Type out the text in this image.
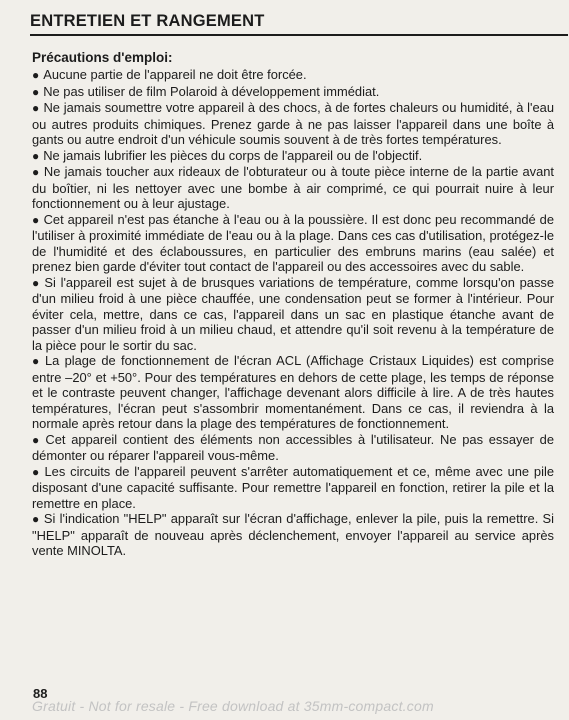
ENTRETIEN ET RANGEMENT
Précautions d'emploi:

● Aucune partie de l'appareil ne doit être forcée.

● Ne pas utiliser de film Polaroid à développement immédiat.

● Ne jamais soumettre votre appareil à des chocs, à de fortes chaleurs ou humidité, à l'eau ou autres produits chimiques. Prenez garde à ne pas laisser l'appareil dans une boîte à gants ou autre endroit d'un véhicule soumis souvent à de très fortes températures.

● Ne jamais lubrifier les pièces du corps de l'appareil ou de l'objectif.

● Ne jamais toucher aux rideaux de l'obturateur ou à toute pièce interne de la partie avant du boîtier, ni les nettoyer avec une bombe à air comprimé, ce qui pourrait nuire à leur fonctionnement ou à leur ajustage.

● Cet appareil n'est pas étanche à l'eau ou à la poussière. Il est donc peu recommandé de l'utiliser à proximité immédiate de l'eau ou à la plage. Dans ces cas d'utilisation, protégez-le de l'humidité et des éclaboussures, en particulier des embruns marins (eau salée) et prenez bien garde d'éviter tout contact de l'appareil ou des accessoires avec du sable.

● Si l'appareil est sujet à de brusques variations de température, comme lorsqu'on passe d'un milieu froid à une pièce chauffée, une condensation peut se former à l'intérieur. Pour éviter cela, mettre, dans ce cas, l'appareil dans un sac en plastique étanche avant de passer d'un milieu froid à un milieu chaud, et attendre qu'il soit revenu à la température de la pièce pour le sortir du sac.

● La plage de fonctionnement de l'écran ACL (Affichage Cristaux Liquides) est comprise entre –20° et +50°. Pour des températures en dehors de cette plage, les temps de réponse et le contraste peuvent changer, l'affichage devenant alors difficile à lire. A de très hautes températures, l'écran peut s'assombrir momentanément. Dans ce cas, il reviendra à la normale après retour dans la plage des températures de fonctionnement.

● Cet appareil contient des éléments non accessibles à l'utilisateur. Ne pas essayer de démonter ou réparer l'appareil vous-même.

● Les circuits de l'appareil peuvent s'arrêter automatiquement et ce, même avec une pile disposant d'une capacité suffisante. Pour remettre l'appareil en fonction, retirer la pile et la remettre en place.

● Si l'indication "HELP" apparaît sur l'écran d'affichage, enlever la pile, puis la remettre. Si "HELP" apparaît de nouveau après déclenchement, envoyer l'appareil au service après vente MINOLTA.

88
Gratuit - Not for resale - Free download at 35mm-compact.com
